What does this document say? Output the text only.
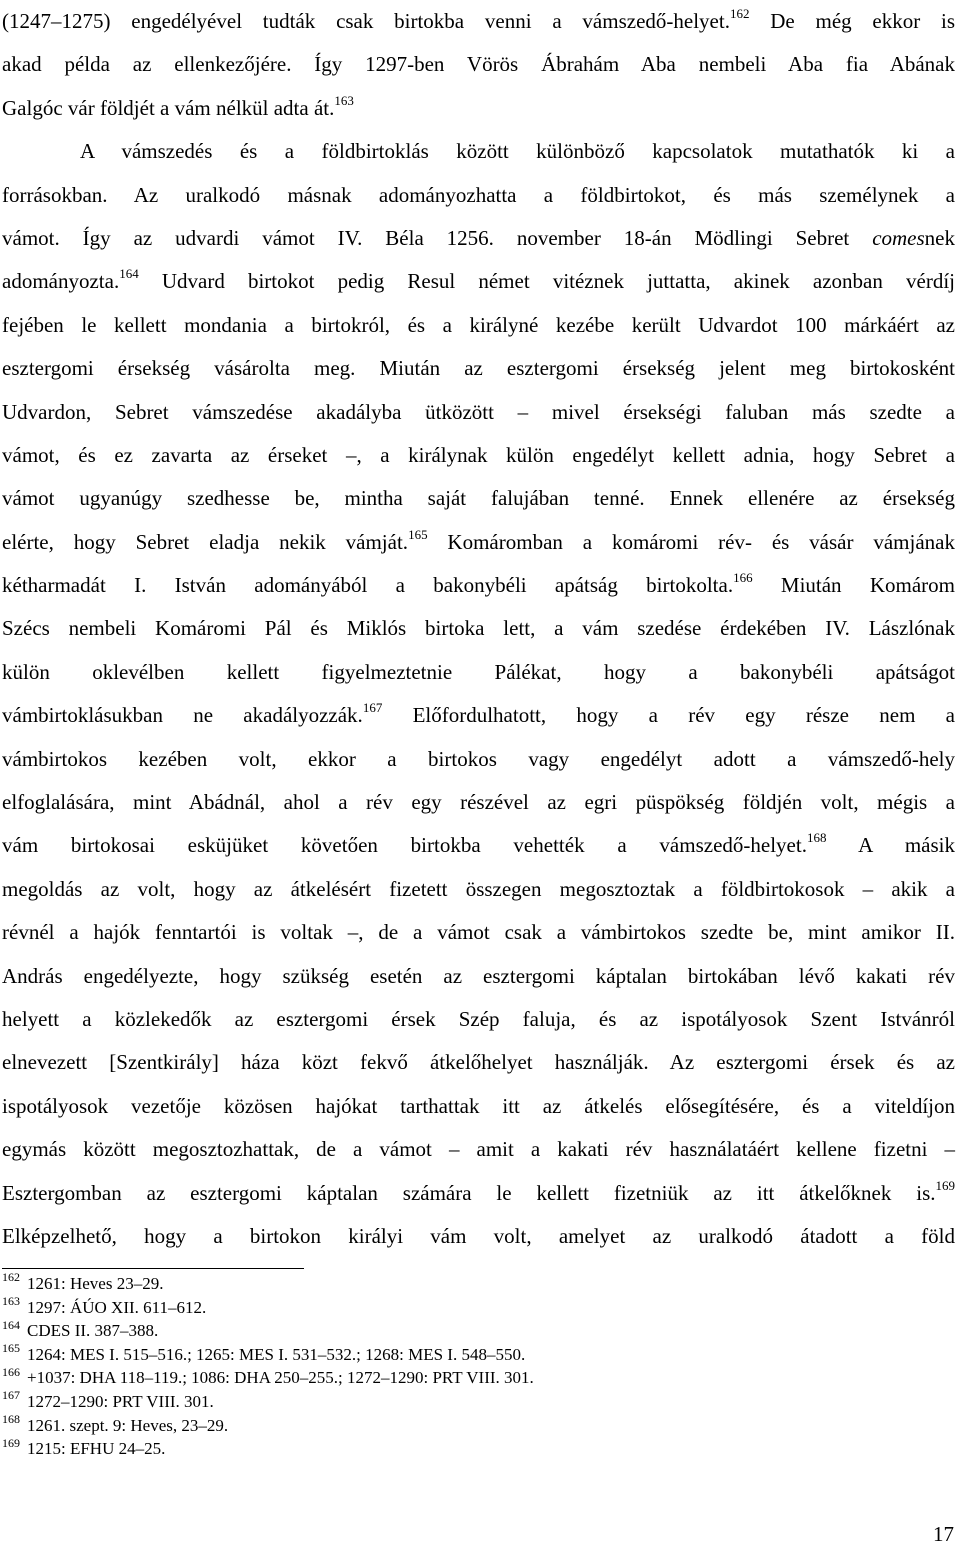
(1247–1275) engedélyével tudták csak birtokba venni a vámszedő-helyet.$^{162}$ De még ekkor is
akad példa az ellenkezőjére. Így 1297-ben Vörös Ábrahám Aba nembeli Aba fia Abának
Galgóc vár földjét a vám nélkül adta át.$^{163}$
A vámszedés és a földbirtoklás között különböző kapcsolatok mutathatók ki a
forrásokban. Az uralkodó másnak adományozhatta a földbirtokot, és más személynek a
vámot. Így az udvardi vámot IV. Béla 1256. november 18-án Mödlingi Sebret comesnek
adományozta.$^{164}$ Udvard birtokot pedig Resul német vitéznek juttatta, akinek azonban vérdíj
fejében le kellett mondania a birtokról, és a királyné kezébe került Udvardot 100 márkáért az
esztergomi érsekség vásárolta meg. Miután az esztergomi érsekség jelent meg birtokosként
Udvardon, Sebret vámszedése akadályba ütközött – mivel érsekségi faluban más szedte a
vámot, és ez zavarta az érseket –, a királynak külön engedélyt kellett adnia, hogy Sebret a
vámot ugyanúgy szedhesse be, mintha saját falujában tenné. Ennek ellenére az érsekség
elérte, hogy Sebret eladja nekik vámját.$^{165}$ Komáromban a komáromi rév- és vásár vámjának
kétharmadát I. István adományából a bakonybéli apátság birtokolta.$^{166}$ Miután Komárom
Szécs nembeli Komáromi Pál és Miklós birtoka lett, a vám szedése érdekében IV. Lászlónak
külön oklevélben kellett figyelmeztetnie Pálékat, hogy a bakonybéli apátságot
vámbirtoklásukban ne akadályozzák.$^{167}$ Előfordulhatott, hogy a rév egy része nem a
vámbirtokos kezében volt, ekkor a birtokos vagy engedélyt adott a vámszedő-hely
elfoglalására, mint Abádnál, ahol a rév egy részével az egri püspökség földjén volt, mégis a
vám birtokosai esküjüket követően birtokba vehették a vámszedő-helyet.$^{168}$ A másik
megoldás az volt, hogy az átkelésért fizetett összegen megosztoztak a földbirtokosok – akik a
révnél a hajók fenntartói is voltak –, de a vámot csak a vámbirtokos szedte be, mint amikor II.
András engedélyezte, hogy szükség esetén az esztergomi káptalan birtokában lévő kakati rév
helyett a közlekedők az esztergomi érsek Szép faluja, és az ispotályosok Szent Istvánról
elnevezett [Szentkirály] háza közt fekvő átkelőhelyet használják. Az esztergomi érsek és az
ispotályosok vezetője közösen hajókat tarthattak itt az átkelés elősegítésére, és a viteldíjon
egymás között megosztozhattak, de a vámot – amit a kakati rév használatáért kellene fizetni –
Esztergomban az esztergomi káptalan számára le kellett fizetniük az itt átkelőknek is.$^{169}$
Elképzelhető, hogy a birtokon királyi vám volt, amelyet az uralkodó átadott a föld
$^{162}$ 1261: Heves 23–29.
$^{163}$ 1297: ÁÚO XII. 611–612.
$^{164}$ CDES II. 387–388.
$^{165}$ 1264: MES I. 515–516.; 1265: MES I. 531–532.; 1268: MES I. 548–550.
$^{166}$ +1037: DHA 118–119.; 1086: DHA 250–255.; 1272–1290: PRT VIII. 301.
$^{167}$ 1272–1290: PRT VIII. 301.
$^{168}$ 1261. szept. 9: Heves, 23–29.
$^{169}$ 1215: EFHU 24–25.
17
